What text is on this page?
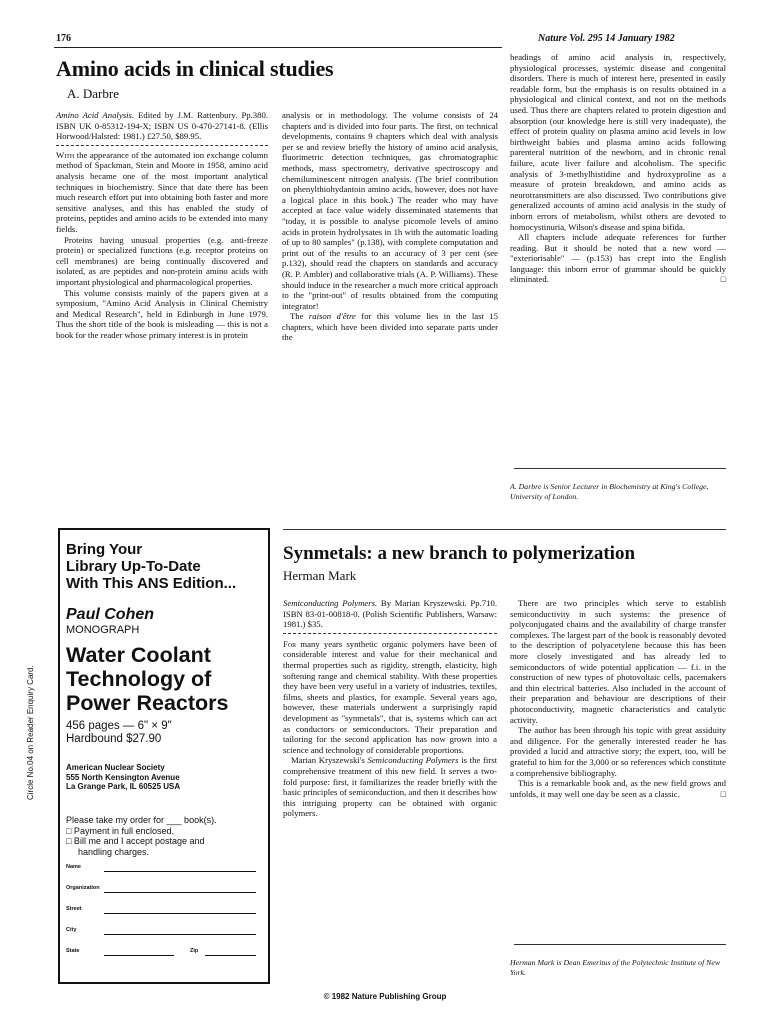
176	Nature Vol. 295 14 January 1982
Amino acids in clinical studies
A. Darbre

Amino Acid Analysis. Edited by J.M. Rattenbury. Pp.380. ISBN UK 0-85312-194-X; ISBN US 0-470-27141-8. (Ellis Horwood/Halsted: 1981.) £27.50, $89.95.

With the appearance of the automated ion exchange column method of Spackman, Stein and Moore in 1958, amino acid analysis became one of the most important analytical techniques in biochemistry. Since that date there has been much research effort put into obtaining both faster and more sensitive analyses, and this has enabled the study of proteins, peptides and amino acids to be extended into many fields.

Proteins having unusual properties (e.g. anti-freeze protein) or specialized functions (e.g. receptor proteins on cell membranes) are being continually discovered and isolated, as are peptides and non-protein amino acids with important physiological and pharmacological properties.

This volume consists mainly of the papers given at a symposium, "Amino Acid Analysis in Clinical Chemistry and Medical Research", held in Edinburgh in June 1979. Thus the short title of the book is misleading — this is not a book for the reader whose primary interest is in protein

analysis or in methodology. The volume consists of 24 chapters and is divided into four parts. The first, on technical developments, contains 9 chapters which deal with analysis per se and review briefly the history of amino acid analysis, fluorimetric detection techniques, gas chromatographic methods, mass spectrometry, derivative spectroscopy and chemiluminescent nitrogen analysis. (The brief contribution on phenylthiohydantoin amino acids, however, does not have a logical place in this book.) The reader who may have accepted at face value widely disseminated statements that "today, it is possible to analyse picomole levels of amino acids in protein hydrolysates in 1h with the automatic loading of up to 80 samples" (p.138), with complete computation and print out of the results to an accuracy of 3 per cent (see p.132), should read the chapters on standards and accuracy (R. P. Ambler) and collaborative trials (A. P. Williams). These should induce in the researcher a much more critical approach to the "print-out" of results obtained from the computing integrator!

The raison d'être for this volume lies in the last 15 chapters, which have been divided into separate parts under the

headings of amino acid analysis in, respectively, physiological processes, systemic disease and congenital disorders. There is much of interest here, presented in easily readable form, but the emphasis is on results obtained in a physiological and clinical context, and not on the methods used. Thus there are chapters related to protein digestion and absorption (our knowledge here is still very inadequate), the effect of protein quality on plasma amino acid levels in low birthweight babies and plasma amino acids following parenteral nutrition of the newborn, and in chronic renal failure, acute liver failure and alcoholism. The specific analysis of 3-methylhistidine and hydroxyproline as a measure of protein breakdown, and amino acids as neurotransmitters are also discussed. Two contributions give generalized accounts of amino acid analysis in the study of inborn errors of metabolism, whilst others are devoted to homocystinuria, Wilson's disease and spina bifida.

All chapters include adequate references for further reading. But it should be noted that a new word — "exteriorisable" — (p.153) has crept into the English language: this inborn error of grammar should be quickly eliminated.	□

A. Darbre is Senior Lecturer in Biochemistry at King's College, University of London.
Circle No.04 on Reader Enquiry Card.
Bring Your
Library Up-To-Date
With This ANS Edition...
Paul Cohen
MONOGRAPH
Water Coolant
Technology of
Power Reactors
456 pages — 6" × 9"
Hardbound $27.90
American Nuclear Society
555 North Kensington Avenue
La Grange Park, IL 60525 USA
Please take my order for ___ book(s).
□ Payment in full enclosed.
□ Bill me and I accept postage and
handling charges.
Name
Organization
Street
City
State	Zip
Synmetals: a new branch to polymerization
Herman Mark

Semiconducting Polymers. By Marian Kryszewski. Pp.710. ISBN 83-01-00818-0. (Polish Scientific Publishers, Warsaw: 1981.) $35.

For many years synthetic organic polymers have been of considerable interest and value for their mechanical and thermal properties such as rigidity, strength, elasticity, high softening range and chemical stability. With these properties they have been very useful in a variety of industries, textiles, films, sheets and plastics, for example. Several years ago, however, these materials underwent a surprisingly rapid development as "synmetals", that is, systems which can act as conductors or semiconductors. Their preparation and tailoring for the second application has now grown into a science and technology of considerable proportions.

Marian Kryszewski's Semiconducting Polymers is the first comprehensive treatment of this new field. It serves a two-fold purpose: first, it familiarizes the reader briefly with the basic principles of semiconduction, and then it describes how this intriguing property can be obtained with organic polymers.

There are two principles which serve to establish semiconductivity in such systems: the presence of polyconjugated chains and the availability of charge transfer complexes. The largest part of the book is reasonably devoted to the description of polyacetylene because this has been more closely investigated and has already led to semiconductors of wide potential application — f.i. in the construction of new types of photovoltaic cells, pacemakers and thin electrical batteries. Also included in the account of their preparation and behaviour are descriptions of their photoconductivity, magnetic characteristics and catalytic activity.

The author has been through his topic with great assiduity and diligence. For the generally interested reader he has provided a lucid and attractive story; the expert, too, will be grateful to him for the 3,000 or so references which constitute a comprehensive bibliography.

This is a remarkable book and, as the new field grows and unfolds, it may well one day be seen as a classic.	□

Herman Mark is Dean Emeritus of the Polytechnic Institute of New York.
© 1982 Nature Publishing Group
